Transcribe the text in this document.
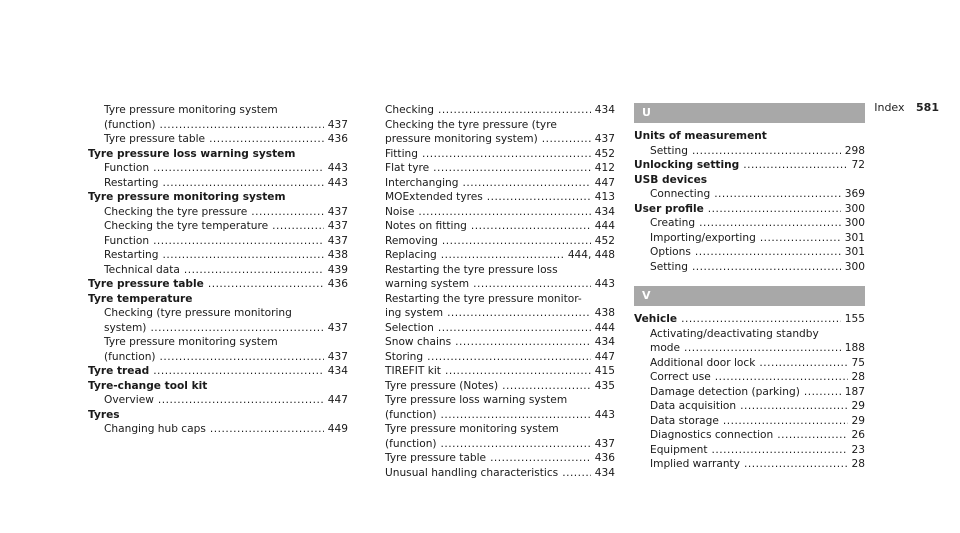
Index 581
Tyre pressure monitoring system
(function) .....	437
Tyre pressure table .....	436
Tyre pressure loss warning system
Function .....	443
Restarting .....	443
Tyre pressure monitoring system
Checking the tyre pressure .....	437
Checking the tyre temperature .....	437
Function .....	437
Restarting .....	438
Technical data .....	439
Tyre pressure table .....	436
Tyre temperature
Checking (tyre pressure monitoring
system) .....	437
Tyre pressure monitoring system
(function) .....	437
Tyre tread .....	434
Tyre-change tool kit
Overview .....	447
Tyres
Changing hub caps .....	449
Checking .....	434
Checking the tyre pressure (tyre
pressure monitoring system) .....	437
Fitting .....	452
Flat tyre .....	412
Interchanging .....	447
MOExtended tyres .....	413
Noise .....	434
Notes on fitting .....	444
Removing .....	452
Replacing .....	444, 448
Restarting the tyre pressure loss
warning system .....	443
Restarting the tyre pressure monitor-
ing system .....	438
Selection .....	444
Snow chains .....	434
Storing .....	447
TIREFIT kit .....	415
Tyre pressure (Notes) .....	435
Tyre pressure loss warning system
(function) .....	443
Tyre pressure monitoring system
(function) .....	437
Tyre pressure table .....	436
Unusual handling characteristics .....	434
U
Units of measurement
Setting .....	298
Unlocking setting .....	72
USB devices
Connecting .....	369
User profile .....	300
Creating .....	300
Importing/exporting .....	301
Options .....	301
Setting .....	300
V
Vehicle .....	155
Activating/deactivating standby
mode .....	188
Additional door lock .....	75
Correct use .....	28
Damage detection (parking) .....	187
Data acquisition .....	29
Data storage .....	29
Diagnostics connection .....	26
Equipment .....	23
Implied warranty .....	28
